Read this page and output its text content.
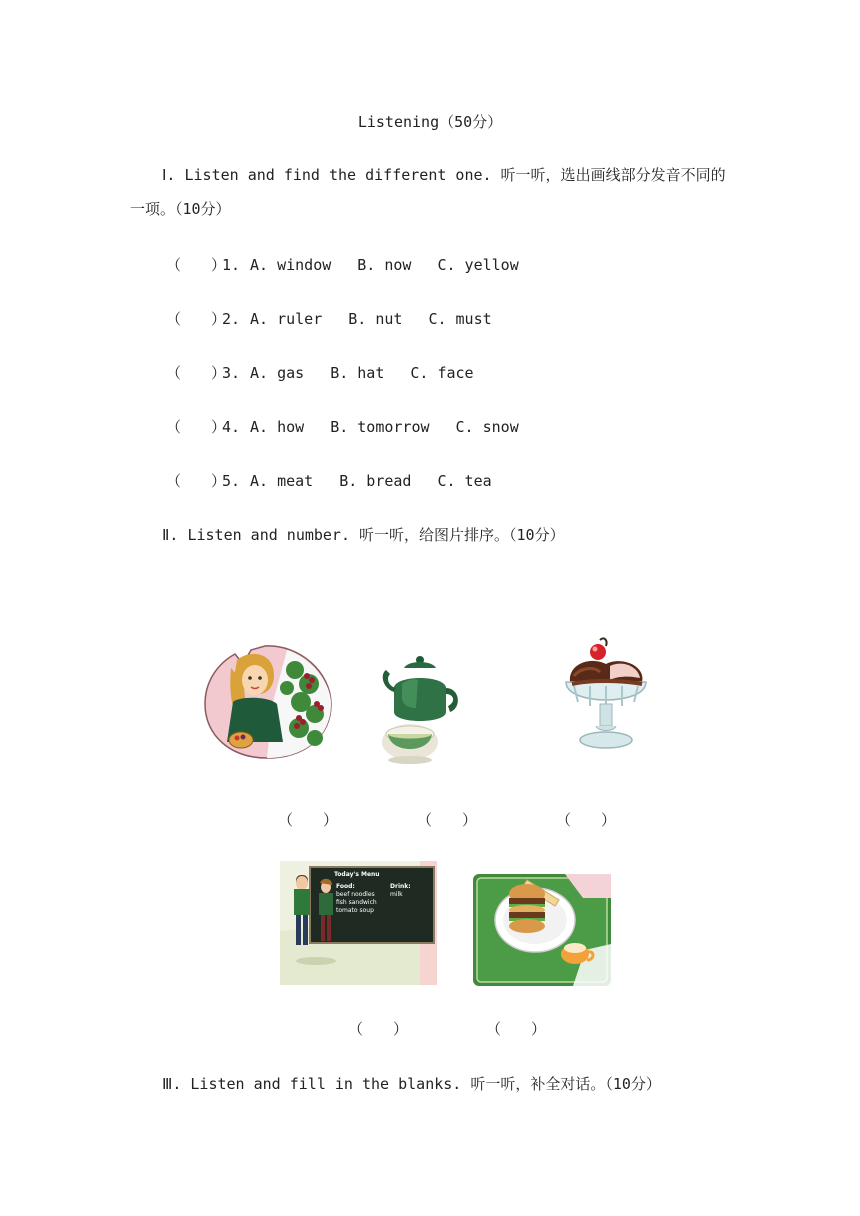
Listening（50分）
Ⅰ. Listen and find the different one. 听一听，选出画线部分发音不同的一项。（10分）
（　　）1. A. window B. now C. yellow
（　　）2. A. ruler B. nut C. must
（　　）3. A. gas B. hat C. face
（　　）4. A. how B. tomorrow C. snow
（　　）5. A. meat B. bread C. tea
Ⅱ. Listen and number. 听一听，给图片排序。（10分）
（　　）	（　　）	（　　）
Today's Menu
Food:
beef noodles
fish sandwich
tomato soup
Drink:
milk
（　　）	（　　）
Ⅲ. Listen and fill in the blanks. 听一听，补全对话。（10分）
